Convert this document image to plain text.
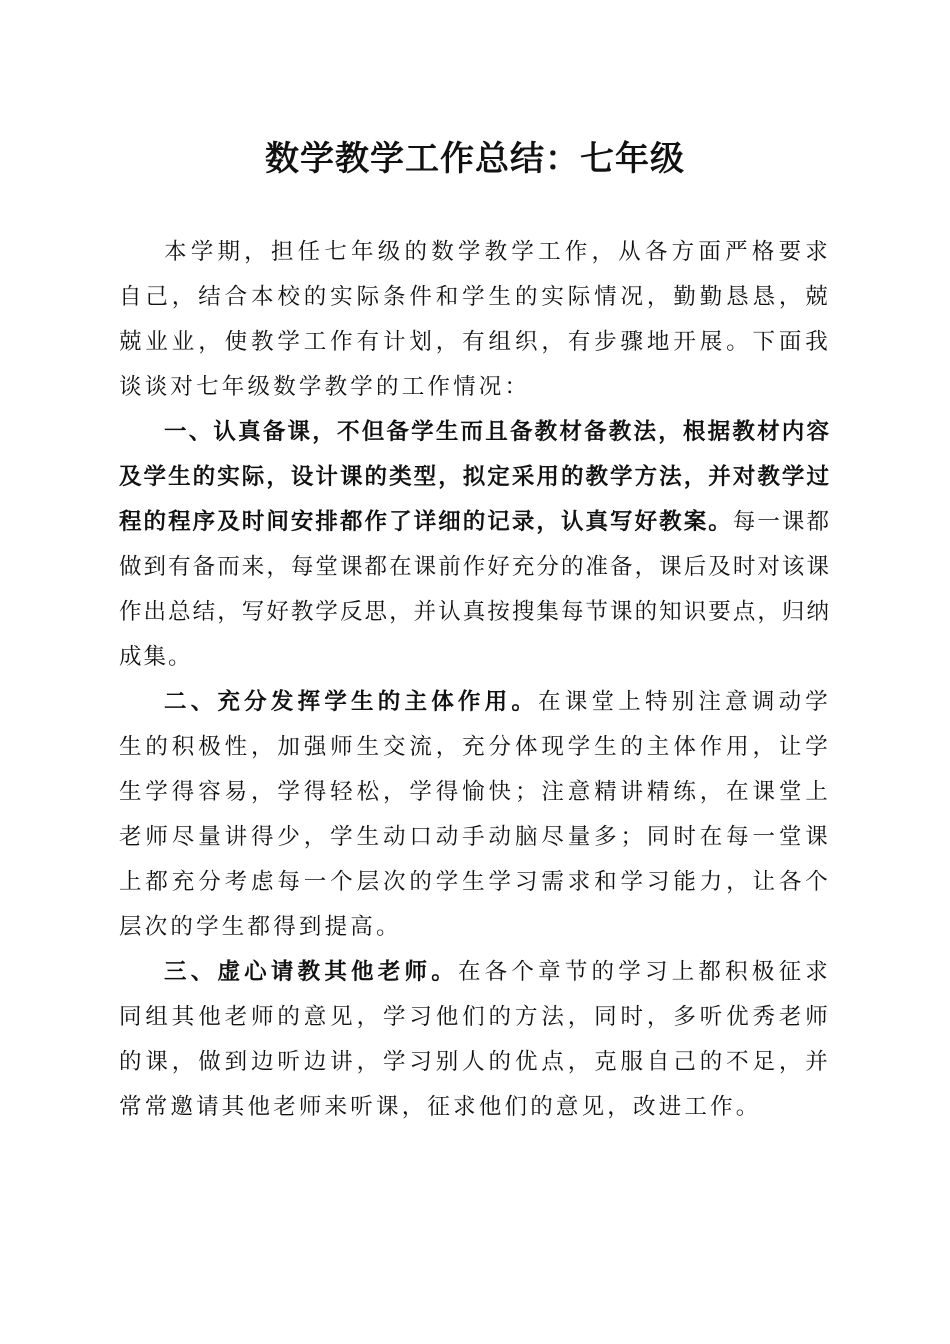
数学教学工作总结：七年级

本学期，担任七年级的数学教学工作，从各方面严格要求自己，结合本校的实际条件和学生的实际情况，勤勤恳恳，兢兢业业，使教学工作有计划，有组织，有步骤地开展。下面我谈谈对七年级数学教学的工作情况：

一、认真备课，不但备学生而且备教材备教法，根据教材内容及学生的实际，设计课的类型，拟定采用的教学方法，并对教学过程的程序及时间安排都作了详细的记录，认真写好教案。每一课都做到有备而来，每堂课都在课前作好充分的准备，课后及时对该课作出总结，写好教学反思，并认真按搜集每节课的知识要点，归纳成集。

二、充分发挥学生的主体作用。在课堂上特别注意调动学生的积极性，加强师生交流，充分体现学生的主体作用，让学生学得容易，学得轻松，学得愉快；注意精讲精练，在课堂上老师尽量讲得少，学生动口动手动脑尽量多；同时在每一堂课上都充分考虑每一个层次的学生学习需求和学习能力，让各个层次的学生都得到提高。

三、虚心请教其他老师。在各个章节的学习上都积极征求同组其他老师的意见，学习他们的方法，同时，多听优秀老师的课，做到边听边讲，学习别人的优点，克服自己的不足，并常常邀请其他老师来听课，征求他们的意见，改进工作。
